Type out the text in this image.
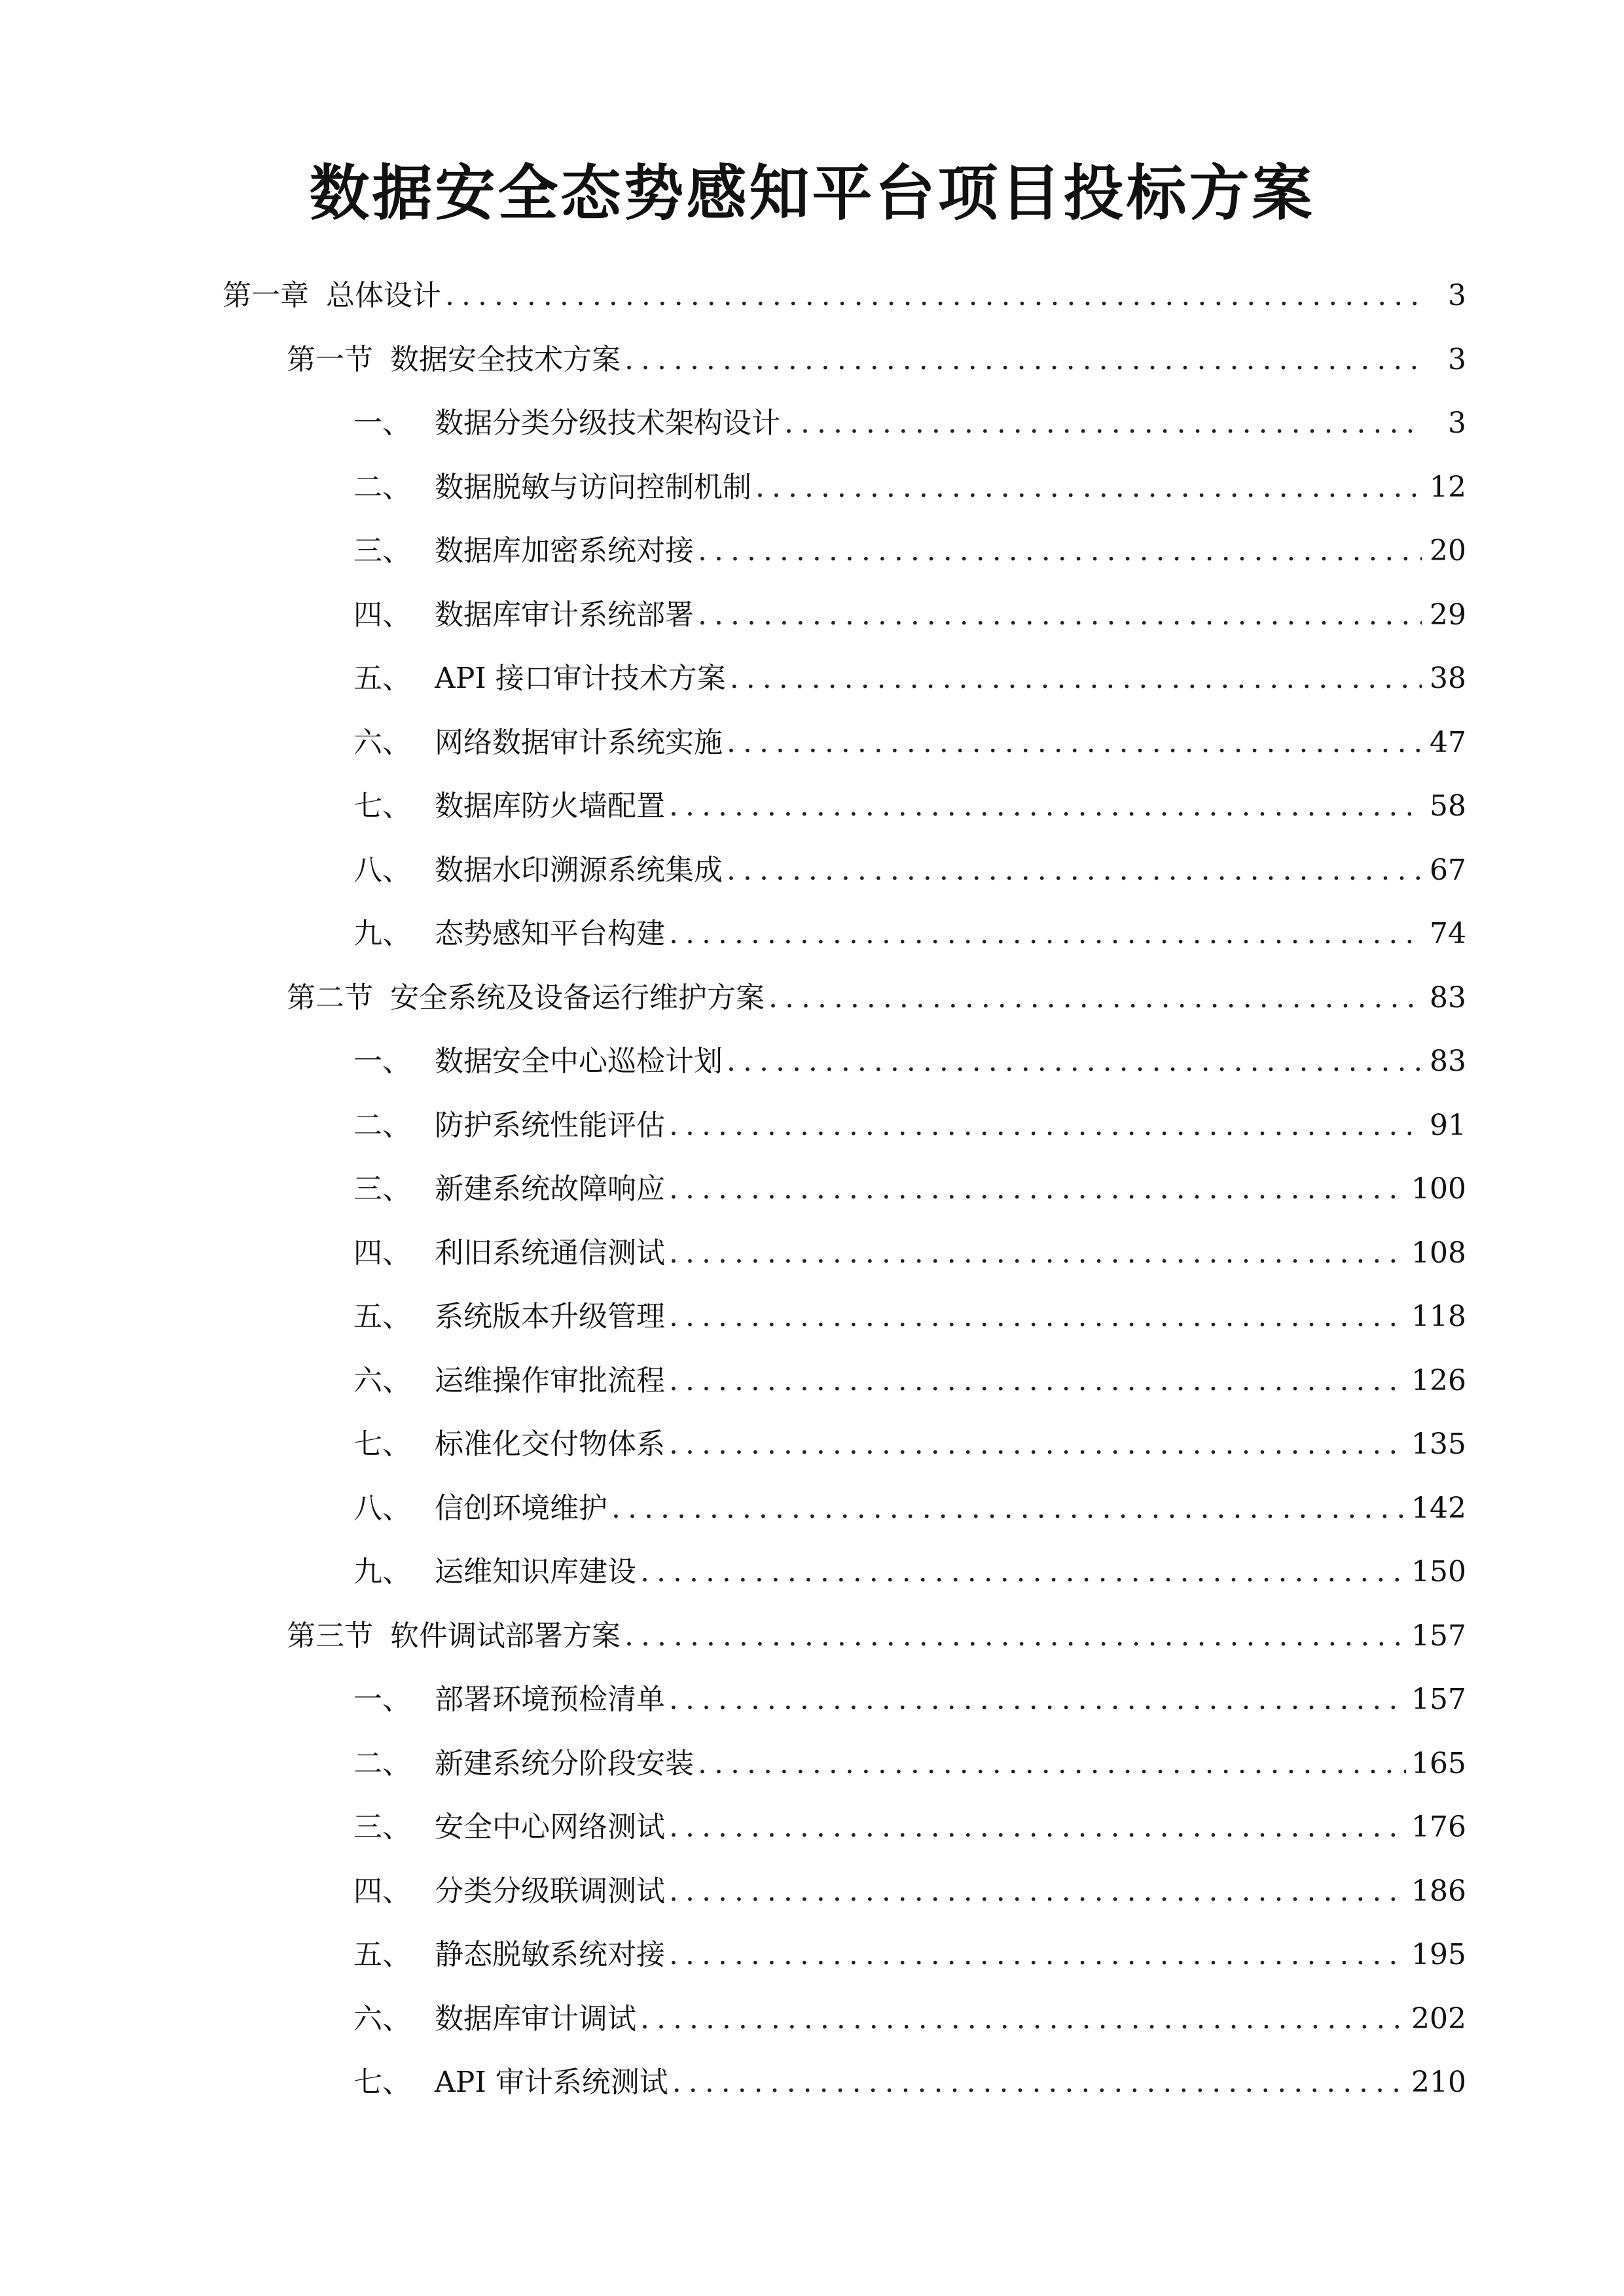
数据安全态势感知平台项目投标方案
第一章 总体设计 .....	3
第一节 数据安全技术方案 .....	3
一、 数据分类分级技术架构设计 .....	3
二、 数据脱敏与访问控制机制 .....	12
三、 数据库加密系统对接 .....	20
四、 数据库审计系统部署 .....	29
五、 API 接口审计技术方案 .....	38
六、 网络数据审计系统实施 .....	47
七、 数据库防火墙配置 .....	58
八、 数据水印溯源系统集成 .....	67
九、 态势感知平台构建 .....	74
第二节 安全系统及设备运行维护方案 .....	83
一、 数据安全中心巡检计划 .....	83
二、 防护系统性能评估 .....	91
三、 新建系统故障响应 .....	100
四、 利旧系统通信测试 .....	108
五、 系统版本升级管理 .....	118
六、 运维操作审批流程 .....	126
七、 标准化交付物体系 .....	135
八、 信创环境维护 .....	142
九、 运维知识库建设 .....	150
第三节 软件调试部署方案 .....	157
一、 部署环境预检清单 .....	157
二、 新建系统分阶段安装 .....	165
三、 安全中心网络测试 .....	176
四、 分类分级联调测试 .....	186
五、 静态脱敏系统对接 .....	195
六、 数据库审计调试 .....	202
七、 API 审计系统测试 .....	210
